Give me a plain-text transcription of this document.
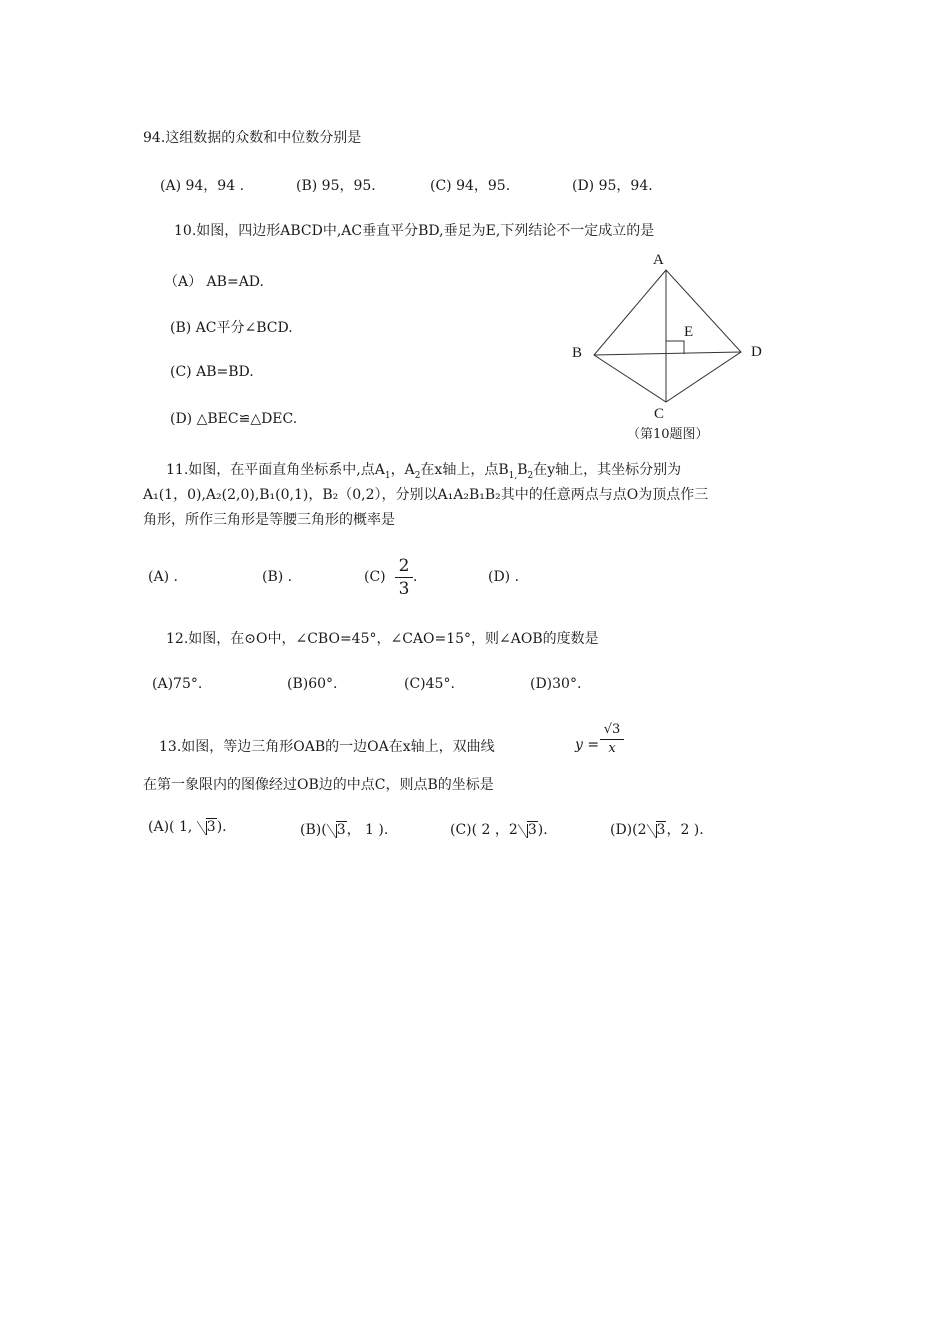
94.这组数据的众数和中位数分别是
(A) 94，94 .	(B) 95，95.	(C) 94，95.	(D) 95，94.
10.如图，四边形ABCD中,AC垂直平分BD,垂足为E,下列结论不一定成立的是
（A） AB=AD.
(B) AC平分∠BCD.
(C) AB=BD.
(D) △BEC≌△DEC.
A
B
C
D
E
（第10题图）
11.如图，在平面直角坐标系中,点$A_1$，$A_2$在x轴上，点$B_{1,}B_2$在y轴上，其坐标分别为
A₁(1，0),A₂(2,0),B₁(0,1)，B₂（0,2），分别以A₁A₂B₁B₂其中的任意两点与点O为顶点作三
角形，所作三角形是等腰三角形的概率是
(A) .	(B) .	(C)
2
3
.	(D) .
12.如图，在⊙O中，∠CBO=45°，∠CAO=15°，则∠AOB的度数是
(A)75°.	(B)60°.	(C)45°.	(D)30°.
13.如图，等边三角形OAB的一边OA在x轴上，双曲线	y =
√3
x
在第一象限内的图像经过OB边的中点C，则点B的坐标是
(A)( 1, 3).	(B)( 3， 1 ).	(C)( 2 ，2 3).	(D)(2 3，2 ).
